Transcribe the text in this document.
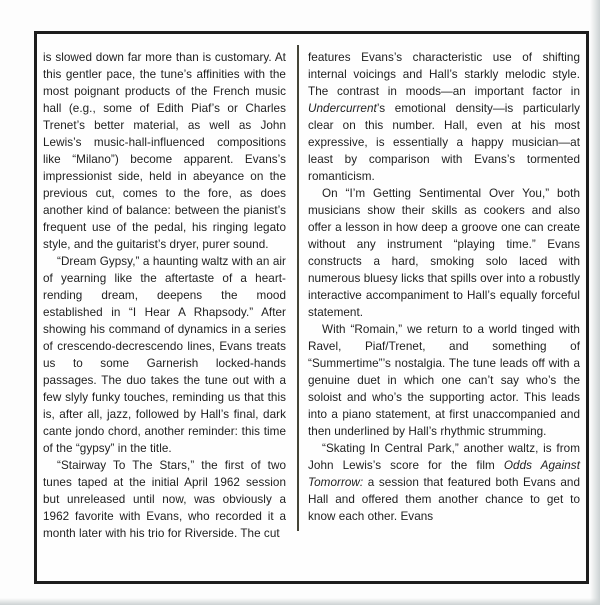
is slowed down far more than is customary. At this gentler pace, the tune’s affinities with the most poignant products of the French music hall (e.g., some of Edith Piaf’s or Charles Trenet’s better material, as well as John Lewis’s music-hall-influenced compositions like “Milano”) become apparent. Evans’s impressionist side, held in abeyance on the previous cut, comes to the fore, as does another kind of balance: between the pianist’s frequent use of the pedal, his ringing legato style, and the guitarist’s dryer, purer sound.

“Dream Gypsy,” a haunting waltz with an air of yearning like the aftertaste of a heart-rending dream, deepens the mood established in “I Hear A Rhapsody.” After showing his command of dynamics in a series of crescendo-decrescendo lines, Evans treats us to some Garnerish locked-hands passages. The duo takes the tune out with a few slyly funky touches, reminding us that this is, after all, jazz, followed by Hall’s final, dark cante jondo chord, another reminder: this time of the “gypsy” in the title.

“Stairway To The Stars,” the first of two tunes taped at the initial April 1962 session but unreleased until now, was obviously a 1962 favorite with Evans, who recorded it a month later with his trio for Riverside. The cut

features Evans’s characteristic use of shifting internal voicings and Hall’s starkly melodic style. The contrast in moods—an important factor in Undercurrent’s emotional density—is particularly clear on this number. Hall, even at his most expressive, is essentially a happy musician—at least by comparison with Evans’s tormented romanticism.

On “I’m Getting Sentimental Over You,” both musicians show their skills as cookers and also offer a lesson in how deep a groove one can create without any instrument “playing time.” Evans constructs a hard, smoking solo laced with numerous bluesy licks that spills over into a robustly interactive accompaniment to Hall’s equally forceful statement.

With “Romain,” we return to a world tinged with Ravel, Piaf/Trenet, and something of “Summertime”’s nostalgia. The tune leads off with a genuine duet in which one can’t say who’s the soloist and who’s the supporting actor. This leads into a piano statement, at first unaccompanied and then underlined by Hall’s rhythmic strumming.

“Skating In Central Park,” another waltz, is from John Lewis’s score for the film Odds Against Tomorrow: a session that featured both Evans and Hall and offered them another chance to get to know each other. Evans
